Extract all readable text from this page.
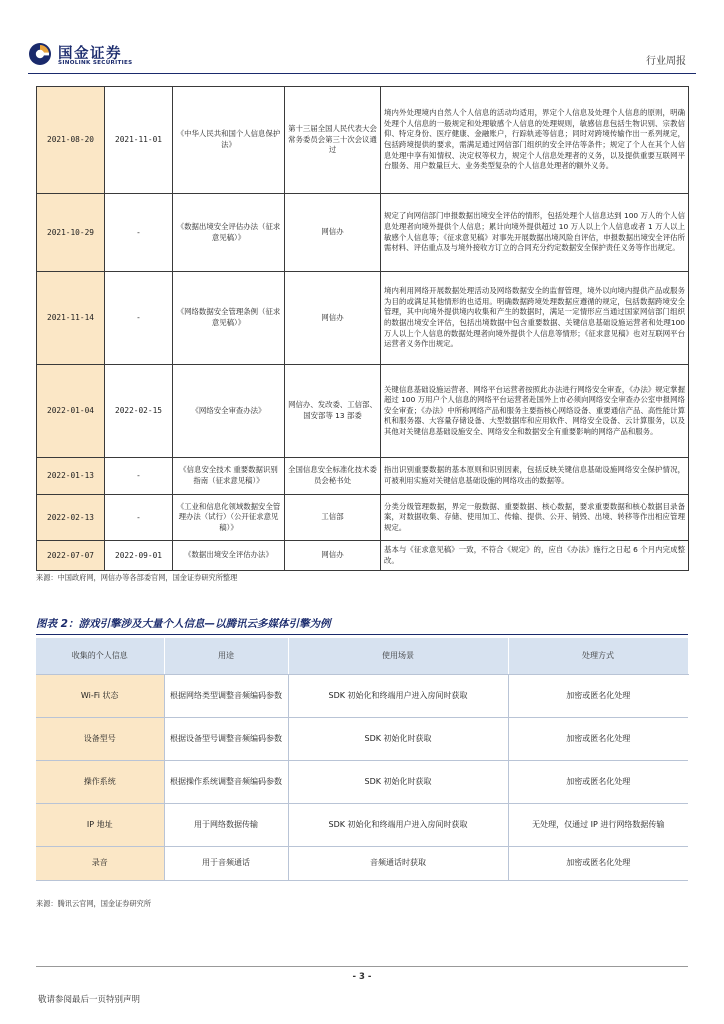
国金证券
SINOLINK SECURITIES	行业周报
2021-08-20	2021-11-01	《中华人民共和国个人信息保护法》	第十三届全国人民代表大会常务委员会第三十次会议通过	境内外处理境内自然人个人信息的活动均适用，界定个人信息及处理个人信息的原则，明确处理个人信息的一般规定和处理敏感个人信息的处理规则，敏感信息包括生物识别、宗教信仰、特定身份、医疗健康、金融账户，行踪轨迹等信息；同时对跨境传输作出一系列规定，包括跨境提供的要求，需满足通过网信部门组织的安全评估等条件；规定了个人在其个人信息处理中享有知情权、决定权等权力，规定个人信息处理者的义务，以及提供重要互联网平台服务、用户数量巨大、业务类型复杂的个人信息处理者的额外义务。
2021-10-29	-	《数据出境安全评估办法（征求意见稿）》	网信办	规定了向网信部门申报数据出境安全评估的情形，包括处理个人信息达到 100 万人的个人信息处理者向境外提供个人信息；累计向境外提供超过 10 万人以上个人信息或者 1 万人以上敏感个人信息等；《征求意见稿》对事先开展数据出境风险自评估，申报数据出境安全评估所需材料、评估重点及与境外接收方订立的合同充分约定数据安全保护责任义务等作出规定。
2021-11-14	-	《网络数据安全管理条例（征求意见稿）》	网信办	境内利用网络开展数据处理活动及网络数据安全的监督管理，境外以向境内提供产品或服务为目的或满足其他情形的也适用。明确数据跨境处理数据应遵循的规定，包括数据跨境安全管理，其中向境外提供境内收集和产生的数据时，满足一定情形应当通过国家网信部门组织的数据出境安全评估，包括出境数据中包含重要数据、关键信息基础设施运营者和处理100万人以上个人信息的数据处理者向境外提供个人信息等情形；《征求意见稿》也对互联网平台运营者义务作出规定。
2022-01-04	2022-02-15	《网络安全审查办法》	网信办、发改委、工信部、国安部等 13 部委	关键信息基础设施运营者、网络平台运营者按照此办法进行网络安全审查，《办法》规定掌握超过 100 万用户个人信息的网络平台运营者赴国外上市必须向网络安全审查办公室申报网络安全审查；《办法》中所称网络产品和服务主要指核心网络设备、重要通信产品、高性能计算机和服务器、大容量存储设备、大型数据库和应用软件、网络安全设备、云计算服务，以及其他对关键信息基础设施安全、网络安全和数据安全有重要影响的网络产品和服务。
2022-01-13	-	《信息安全技术 重要数据识别指南（征求意见稿）》	全国信息安全标准化技术委员会秘书处	指出识别重要数据的基本原则和识别因素，包括反映关键信息基础设施网络安全保护情况，可被利用实施对关键信息基础设施的网络攻击的数据等。
2022-02-13	-	《工业和信息化领域数据安全管理办法（试行）（公开征求意见稿）》	工信部	分类分级管理数据，界定一般数据、重要数据、核心数据，要求重要数据和核心数据目录备案，对数据收集、存储、使用加工、传输、提供、公开、销毁、出境、转移等作出相应管理规定。
2022-07-07	2022-09-01	《数据出境安全评估办法》	网信办	基本与《征求意见稿》一致，不符合《规定》的，应自《办法》施行之日起 6 个月内完成整改。
来源：中国政府网，网信办等各部委官网，国金证券研究所整理
图表 2：游戏引擎涉及大量个人信息—以腾讯云多媒体引擎为例
收集的个人信息	用途	使用场景	处理方式
Wi-Fi 状态	根据网络类型调整音频编码参数	SDK 初始化和终端用户进入房间时获取	加密或匿名化处理
设备型号	根据设备型号调整音频编码参数	SDK 初始化时获取	加密或匿名化处理
操作系统	根据操作系统调整音频编码参数	SDK 初始化时获取	加密或匿名化处理
IP 地址	用于网络数据传输	SDK 初始化和终端用户进入房间时获取	无处理，仅通过 IP 进行网络数据传输
录音	用于音频通话	音频通话时获取	加密或匿名化处理
来源：腾讯云官网，国金证券研究所
- 3 -
敬请参阅最后一页特别声明
